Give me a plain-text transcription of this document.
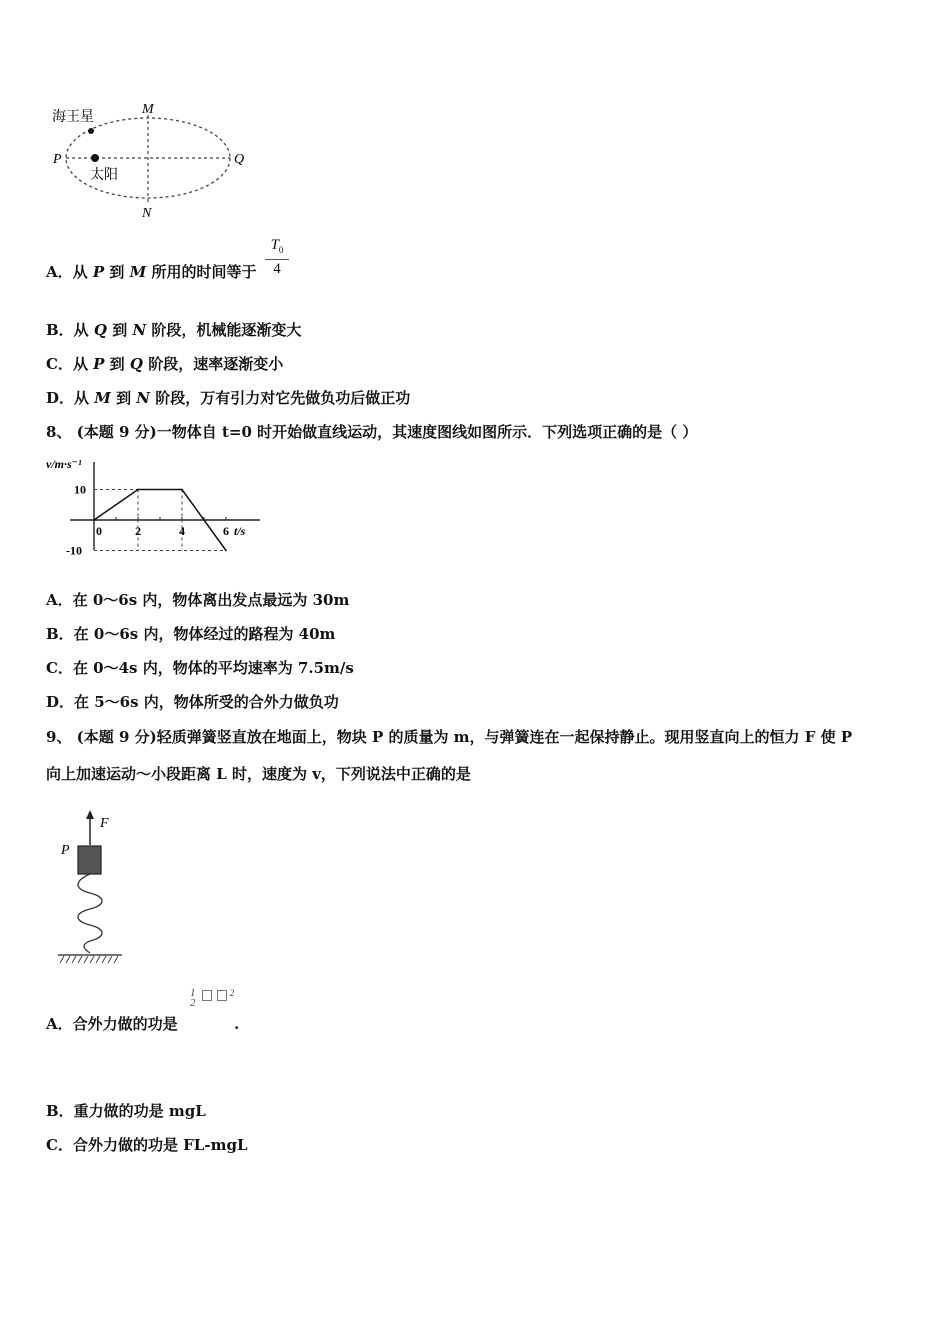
海王星
太阳
M
N
P	Q
A．从 P 到 M 所用的时间等于
$T_0$
4
B．从 Q 到 N 阶段，机械能逐渐变大
C．从 P 到 Q 阶段，速率逐渐变小
D．从 M 到 N 阶段，万有引力对它先做负功后做正功
8、 (本题 9 分)一物体自 t=0 时开始做直线运动，其速度图线如图所示．下列选项正确的是（ ）
0	2	4	6
10
-10
v/m·s⁻¹
t/s
A．在 0～6s 内，物体离出发点最远为 30m
B．在 0～6s 内，物体经过的路程为 40m
C．在 0～4s 内，物体的平均速率为 7.5m/s
D．在 5～6s 内，物体所受的合外力做负功
9、 (本题 9 分)轻质弹簧竖直放在地面上，物块 P 的质量为 m，与弹簧连在一起保持静止。现用竖直向上的恒力 F 使 P
向上加速运动～小段距离 L 时，速度为 v，下列说法中正确的是
F
P
A．合外力做的功是
1
2
$^2$
.
B．重力做的功是 mgL
C．合外力做的功是 FL-mgL
